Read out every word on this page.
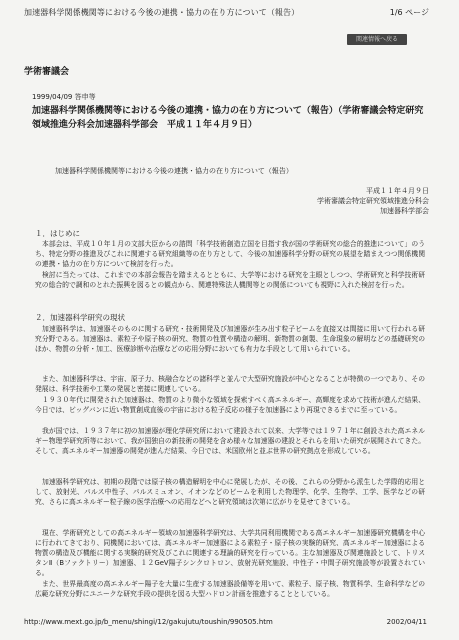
加速器科学関係機関等における今後の連携・協力の在り方について（報告）	1/6 ページ
関連情報へ戻る
学術審議会
1999/04/09 答申等
加速器科学関係機関等における今後の連携・協力の在り方について（報告）（学術審議会特定研究領域推進分科会加速器科学部会　平成１１年４月９日）
加速器科学関係機関等における今後の連携・協力の在り方について（報告）
平成１１年４月９日
学術審議会特定研究領域推進分科会
加速器科学部会
１．はじめに
本部会は、平成１０年１月の文部大臣からの諮問「科学技術創造立国を目指す我が国の学術研究の総合的推進について」のうち、特定分野の推進及びこれに関連する研究組織等の在り方として、今後の加速器科学分野の研究の展望を踏まえつつ関係機関の連携・協力の在り方について検討を行った。
検討に当たっては、これまでの本部会報告を踏まえるとともに、大学等における研究を主眼としつつ、学術研究と科学技術研究の総合的で調和のとれた振興を図るとの観点から、関連特殊法人機関等との関係についても視野に入れた検討を行った。
２．加速器科学研究の現状
加速器科学は、加速器そのものに関する研究・技術開発及び加速器が生み出す粒子ビームを直接又は間接に用いて行われる研究分野である。加速器は、素粒子や原子核の研究、物質の性質や構造の解明、新物質の創製、生命現象の解明などの基礎研究のほか、物質の分析・加工、医療診断や治療などの応用分野においても有力な手段として用いられている。
また、加速器科学は、宇宙、原子力、核融合などの諸科学と並んで大型研究施設が中心となることが特徴の一つであり、その発展は、科学技術や工業の発展と密接に関連している。
１９３０年代に開発された加速器は、物質のより微小な領域を探索すべく高エネルギー、高輝度を求めて技術が進んだ結果、今日では、ビッグバンに近い物質創成直後の宇宙における粒子反応の様子を加速器により再現できるまでに至っている。
我が国では、１９３７年に初の加速器が理化学研究所において建設されて以来、大学等では１９７１年に創設された高エネルギー物理学研究所等において、我が国独自の新技術の開発を含め様々な加速器の建設とそれらを用いた研究が展開されてきた。そして、高エネルギー加速器の開発が進んだ結果、今日では、米国欧州と並ぶ世界の研究拠点を形成している。
加速器科学研究は、初期の段階では原子核の構造解明を中心に発展したが、その後、これらの分野から派生した学際的応用として、放射光、パルス中性子、パルスミュオン、イオンなどのビームを利用した物理学、化学、生物学、工学、医学などの研究、さらに高エネルギー粒子線の医学治療への応用などへと研究領域は次第に広がりを見せてきている。
現在、学術研究としての高エネルギー領域の加速器科学研究は、大学共同利用機関である高エネルギー加速器研究機構を中心に行われてきており、同機関においては、高エネルギー加速器による素粒子・原子核の実験的研究、高エネルギー加速器による物質の構造及び機能に関する実験的研究及びこれに関連する理論的研究を行っている。主な加速器及び関連施設として、トリスタンⅡ（Bファクトリー）加速器、１２GeV陽子シンクロトロン、放射光研究施設、中性子・中間子研究施設等が設置されている。
また、世界最高度の高エネルギー陽子を大量に生産する加速器設備等を用いて、素粒子、原子核、物質科学、生命科学などの広範な研究分野にユニークな研究手段の提供を図る大型ハドロン計画を推進することとしている。
http://www.mext.go.jp/b_menu/shingi/12/gakujutu/toushin/990505.htm	2002/04/11
